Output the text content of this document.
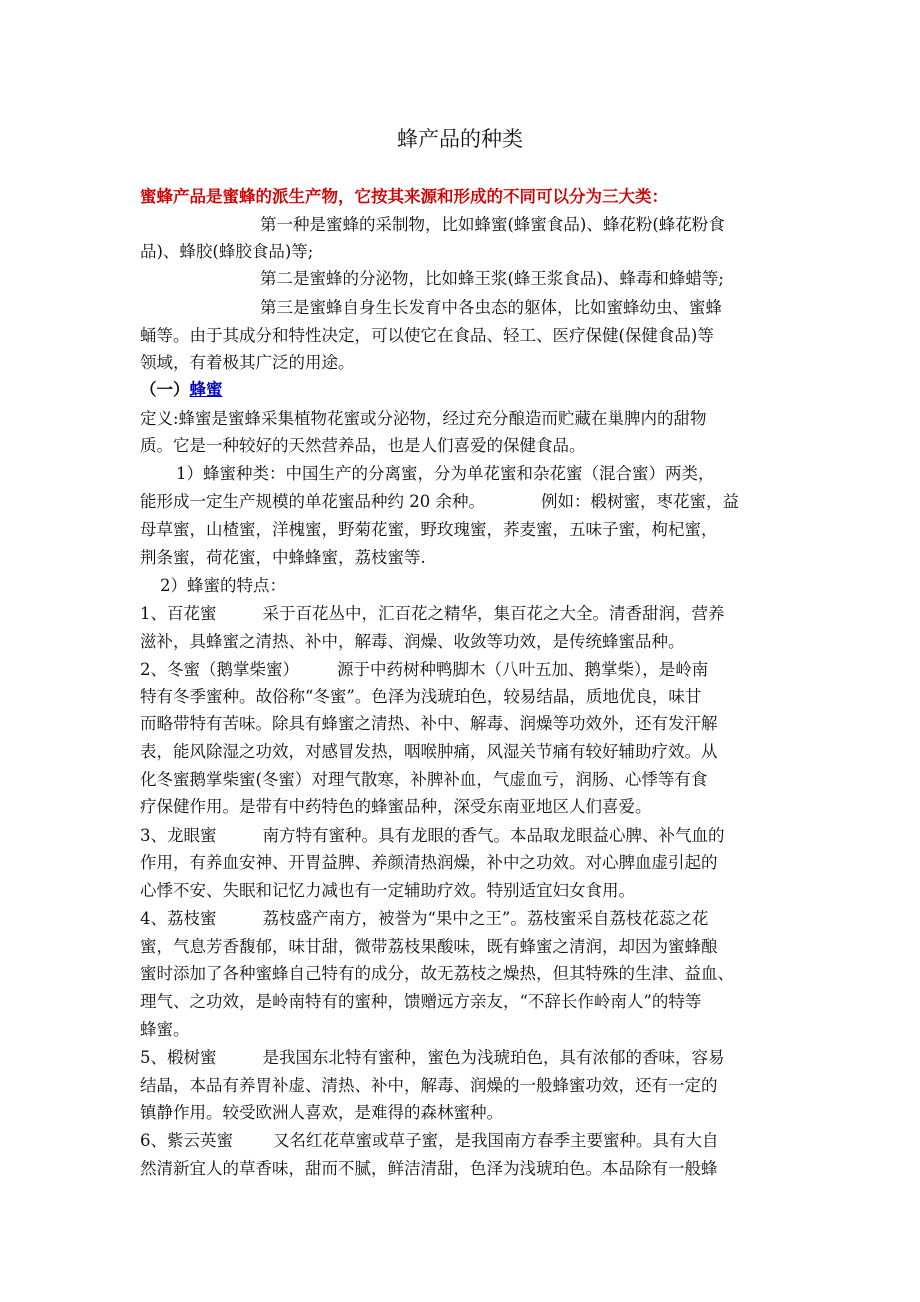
蜂产品的种类
蜜蜂产品是蜜蜂的派生产物，它按其来源和形成的不同可以分为三大类：
第一种是蜜蜂的采制物，比如蜂蜜(蜂蜜食品)、蜂花粉(蜂花粉食
品)、蜂胶(蜂胶食品)等;
第二是蜜蜂的分泌物，比如蜂王浆(蜂王浆食品)、蜂毒和蜂蜡等;
第三是蜜蜂自身生长发育中各虫态的躯体，比如蜜蜂幼虫、蜜蜂
蛹等。由于其成分和特性决定，可以使它在食品、轻工、医疗保健(保健食品)等
领域，有着极其广泛的用途。
（一）蜂蜜
定义:蜂蜜是蜜蜂采集植物花蜜或分泌物，经过充分酿造而贮藏在巢脾内的甜物
质。它是一种较好的天然营养品，也是人们喜爱的保健食品。
1）蜂蜜种类：中国生产的分离蜜，分为单花蜜和杂花蜜（混合蜜）两类，
能形成一定生产规模的单花蜜品种约 20 余种。	例如：椴树蜜，枣花蜜，益
母草蜜，山楂蜜，洋槐蜜，野菊花蜜，野玫瑰蜜，荞麦蜜，五味子蜜，枸杞蜜，
荆条蜜，荷花蜜，中蜂蜂蜜，荔枝蜜等.
2）蜂蜜的特点：
1、百花蜜	采于百花丛中，汇百花之精华，集百花之大全。清香甜润，营养
滋补，具蜂蜜之清热、补中，解毒、润燥、收敛等功效，是传统蜂蜜品种。
2、冬蜜（鹅掌柴蜜） 源于中药树种鸭脚木（八叶五加、鹅掌柴），是岭南
特有冬季蜜种。故俗称“冬蜜”。色泽为浅琥珀色，较易结晶，质地优良，味甘
而略带特有苦味。除具有蜂蜜之清热、补中、解毒、润燥等功效外，还有发汗解
表，能风除湿之功效，对感冒发热，咽喉肿痛，风湿关节痛有较好辅助疗效。从
化冬蜜鹅掌柴蜜(冬蜜）对理气散寒，补脾补血，气虚血亏，润肠、心悸等有食
疗保健作用。是带有中药特色的蜂蜜品种，深受东南亚地区人们喜爱。
3、龙眼蜜	南方特有蜜种。具有龙眼的香气。本品取龙眼益心脾、补气血的
作用，有养血安神、开胃益脾、养颜清热润燥，补中之功效。对心脾血虚引起的
心悸不安、失眠和记忆力减也有一定辅助疗效。特别适宜妇女食用。
4、荔枝蜜	荔枝盛产南方，被誉为“果中之王”。荔枝蜜采自荔枝花蕊之花
蜜，气息芳香馥郁，味甘甜，微带荔枝果酸味，既有蜂蜜之清润，却因为蜜蜂酿
蜜时添加了各种蜜蜂自己特有的成分，故无荔枝之燥热，但其特殊的生津、益血、
理气、之功效，是岭南特有的蜜种，馈赠远方亲友，“不辞长作岭南人”的特等
蜂蜜。
5、椴树蜜	是我国东北特有蜜种，蜜色为浅琥珀色，具有浓郁的香味，容易
结晶，本品有养胃补虚、清热、补中，解毒、润燥的一般蜂蜜功效，还有一定的
镇静作用。较受欧洲人喜欢，是难得的森林蜜种。
6、紫云英蜜 又名红花草蜜或草子蜜，是我国南方春季主要蜜种。具有大自
然清新宜人的草香味，甜而不腻，鲜洁清甜，色泽为浅琥珀色。本品除有一般蜂
